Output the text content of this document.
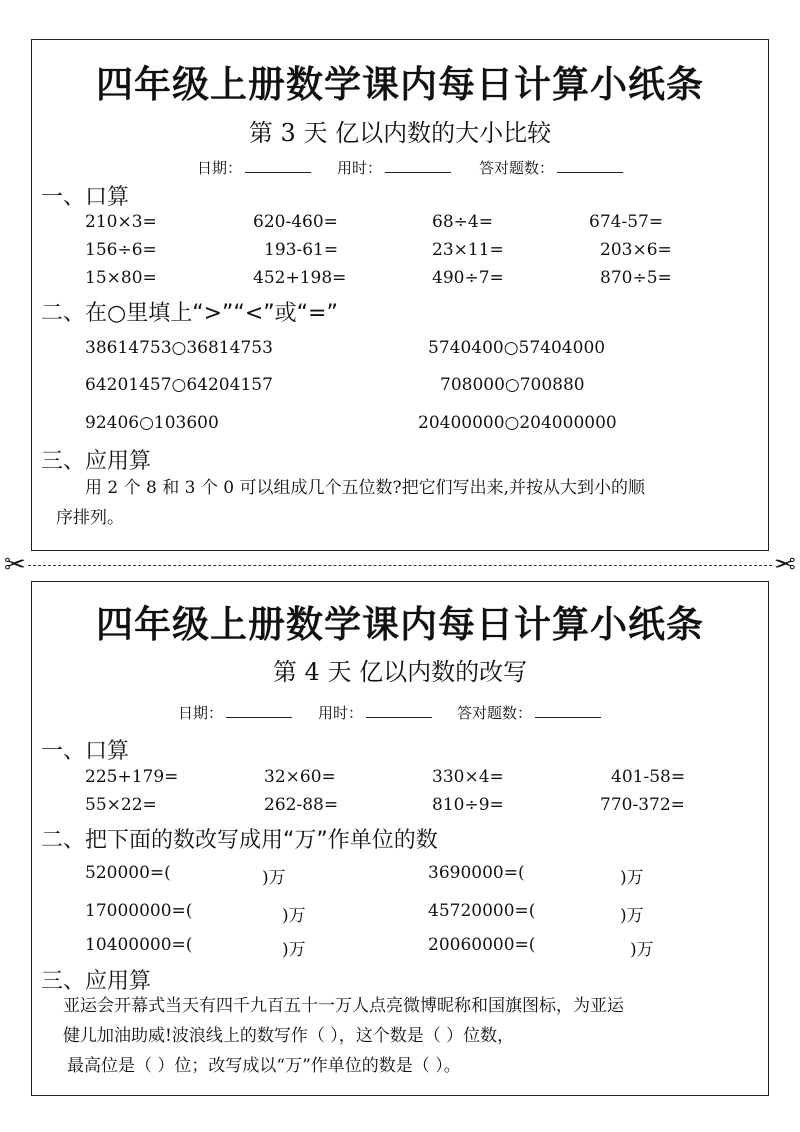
四年级上册数学课内每日计算小纸条
第 3 天 亿以内数的大小比较
日期：	用时：	答对题数：
一、口算
210×3=	620-460=	68÷4=	674-57=
156÷6=	193-61=	23×11=	203×6=
15×80=	452+198=	490÷7=	870÷5=
二、在○里填上“>”“<”或“=”
38614753○36814753	5740400○57404000
64201457○64204157	708000○700880
92406○103600	20400000○204000000
三、应用算
用 2 个 8 和 3 个 0 可以组成几个五位数?把它们写出来,并按从大到小的顺
序排列。
✂	✂
四年级上册数学课内每日计算小纸条
第 4 天 亿以内数的改写
日期：	用时：	答对题数：
一、口算
225+179=	32×60=	330×4=	401-58=
55×22=	262-88=	810÷9=	770-372=
二、把下面的数改写成用“万”作单位的数
520000=(	)万	3690000=(	)万
17000000=(	)万	45720000=(	)万
10400000=(	)万	20060000=(	)万
三、应用算
亚运会开幕式当天有四千九百五十一万人点亮微博昵称和国旗图标，为亚运
健儿加油助威!波浪线上的数写作（ ），这个数是（ ）位数，
最高位是（ ）位；改写成以“万”作单位的数是（ ）。
